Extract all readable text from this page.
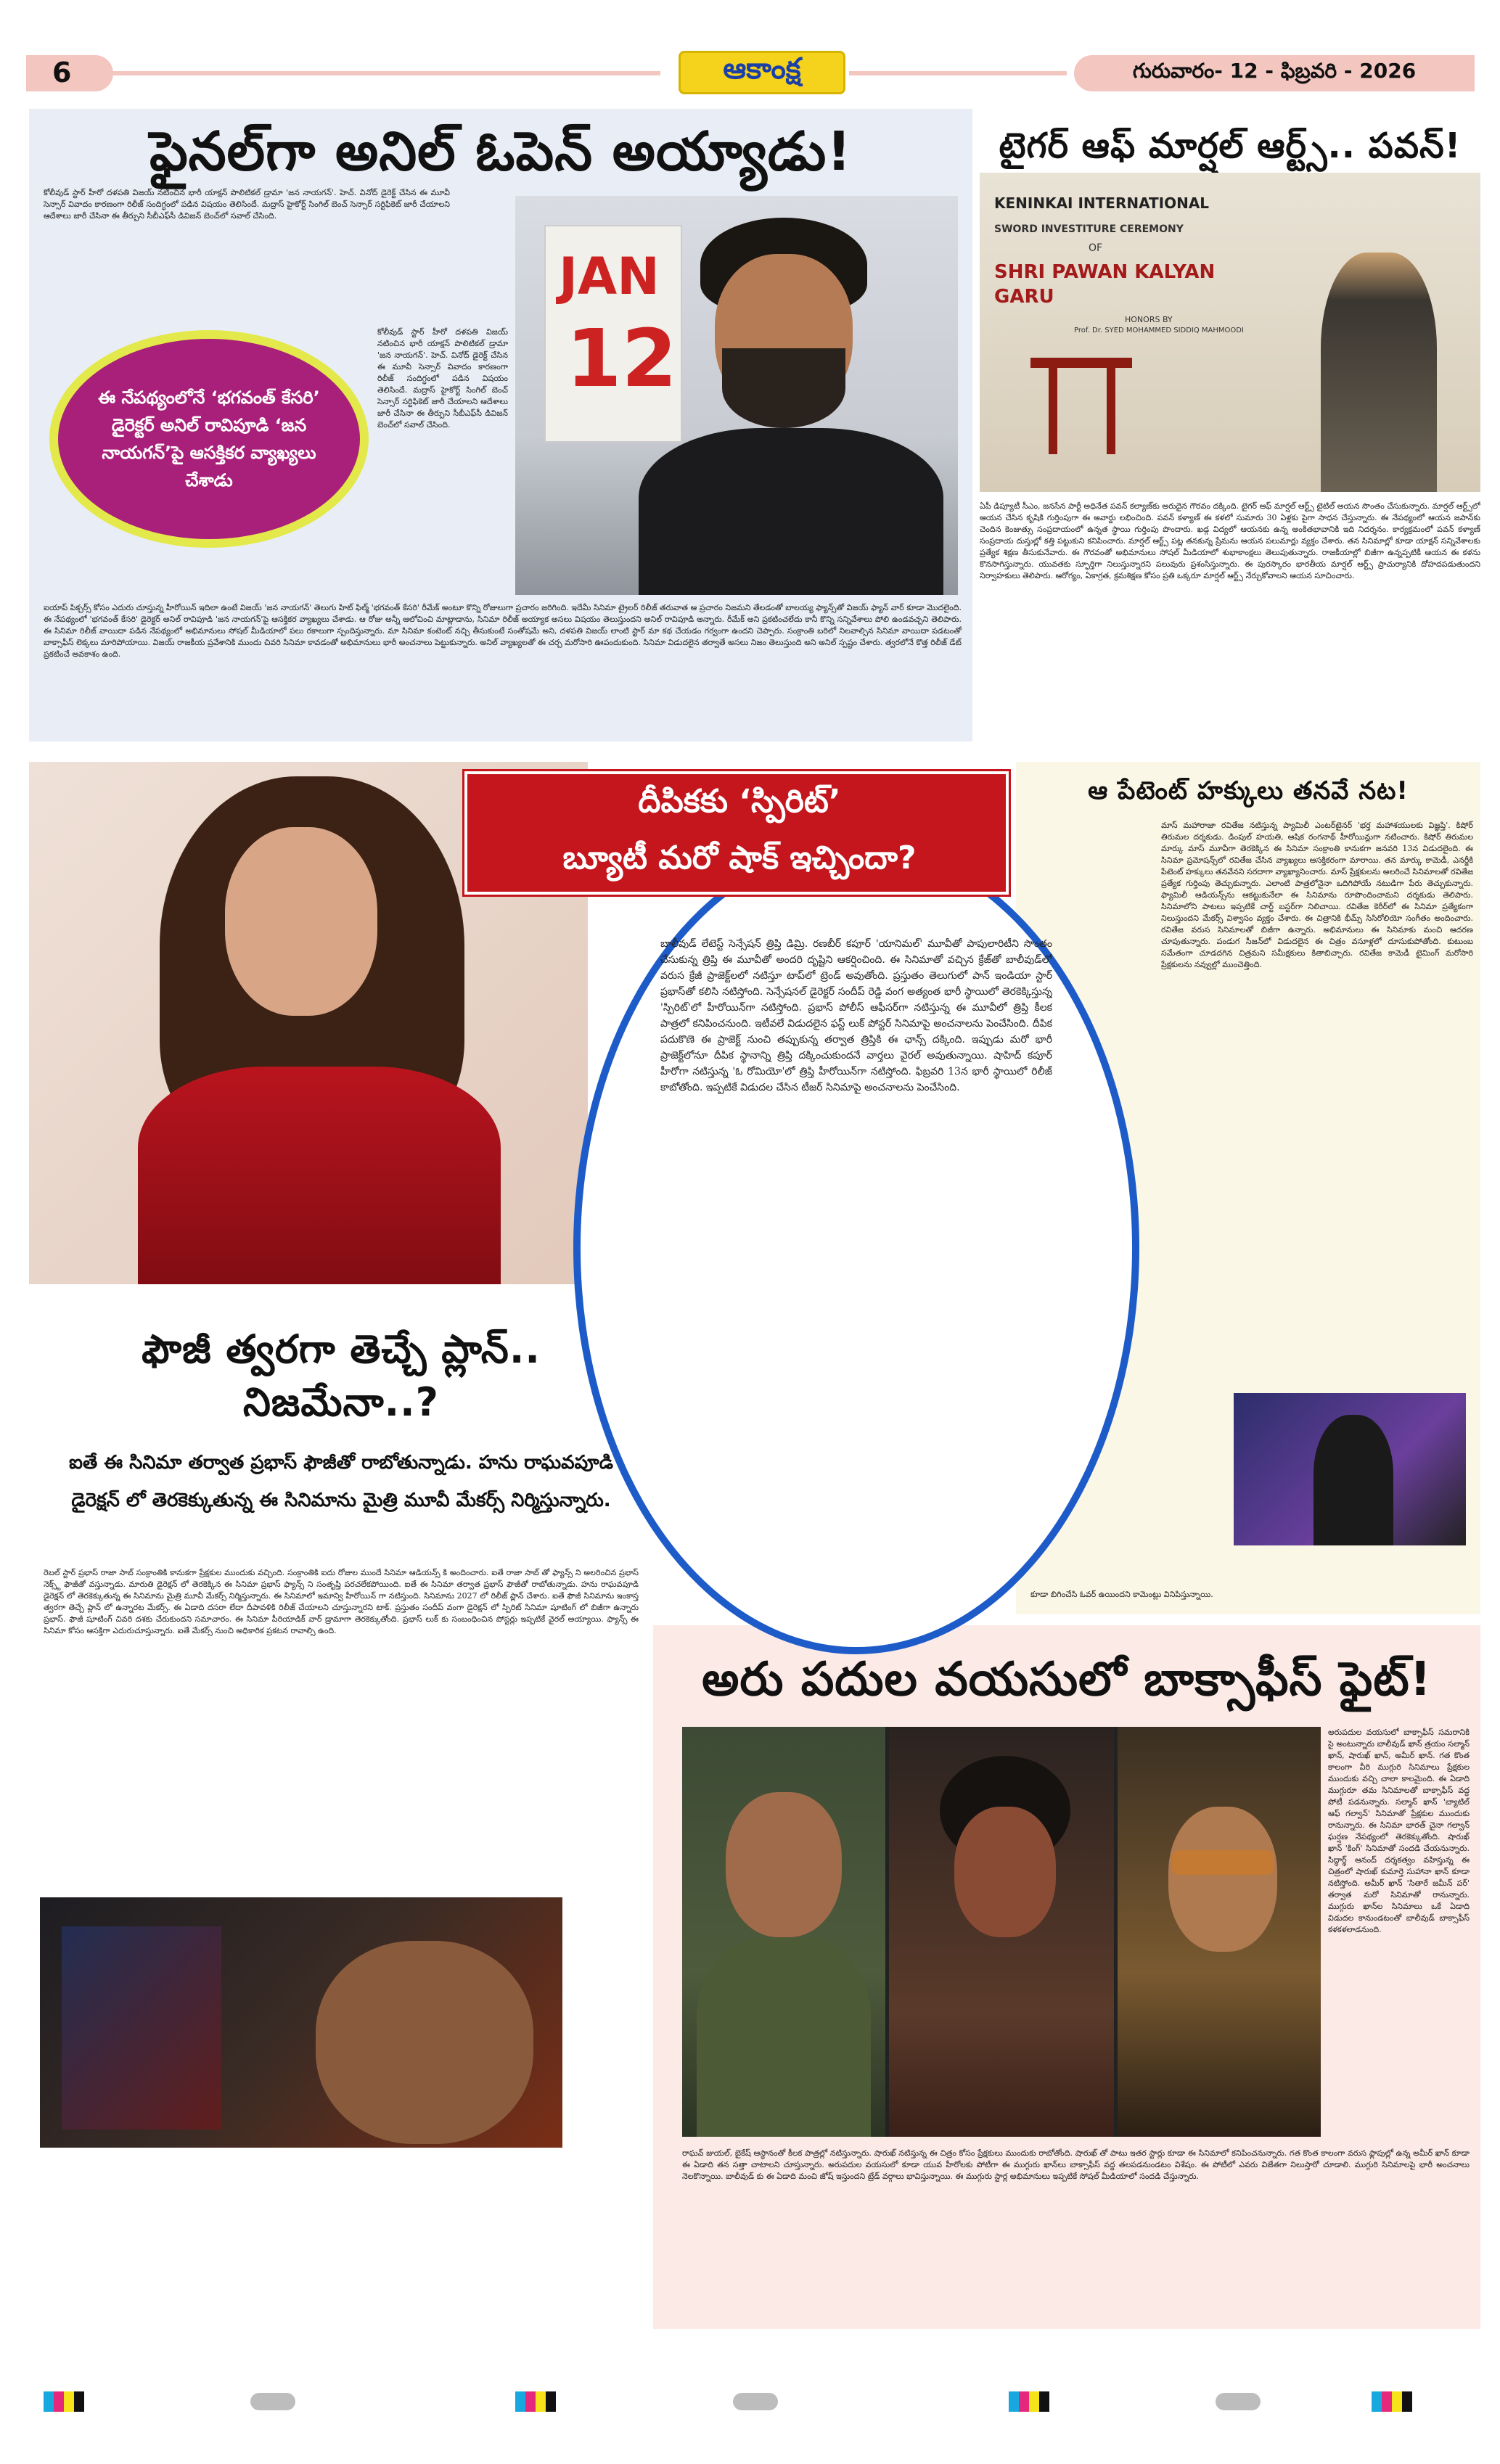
6	ఆకాంక్ష	గురువారం- 12 - ఫిబ్రవరి - 2026
ఫైనల్‌గా అనిల్ ఓపెన్ అయ్యాడు!
కోలీవుడ్ స్టార్ హీరో దళపతి విజయ్ నటించిన భారీ యాక్షన్ పొలిటికల్ డ్రామా 'జన నాయగన్'. హెచ్. వినోద్ డైరెక్ట్ చేసిన ఈ మూవీ సెన్సార్ వివాదం కారణంగా రిలీజ్ సందిగ్ధంలో పడిన విషయం తెలిసిందే. మద్రాస్ హైకోర్ట్ సింగిల్ బెంచ్ సెన్సార్ సర్టిఫికెట్ జారీ చేయాలని ఆదేశాలు జారీ చేసినా ఈ తీర్పుని సీబీఎఫ్‌సీ డివిజన్ బెంచ్‌లో సవాల్ చేసింది.
ఈ నేపథ్యంలోనే ‘భగవంత్ కేసరి’ డైరెక్టర్ అనిల్ రావిపూడి ‘జన నాయగన్’పై ఆసక్తికర వ్యాఖ్యలు చేశాడు
కోలీవుడ్ స్టార్ హీరో దళపతి విజయ్ నటించిన భారీ యాక్షన్ పొలిటికల్ డ్రామా 'జన నాయగన్'. హెచ్. వినోద్ డైరెక్ట్ చేసిన ఈ మూవీ సెన్సార్ వివాదం కారణంగా రిలీజ్ సందిగ్ధంలో పడిన విషయం తెలిసిందే. మద్రాస్ హైకోర్ట్ సింగిల్ బెంచ్ సెన్సార్ సర్టిఫికెట్ జారీ చేయాలని ఆదేశాలు జారీ చేసినా ఈ తీర్పుని సీబీఎఫ్‌సీ డివిజన్ బెంచ్‌లో సవాల్ చేసింది.
JAN
12
ఐయాప్ పిక్చర్స్ కోసం ఎదురు చూస్తున్న హీరోయిన్ ఇదిలా ఉంటే విజయ్ 'జన నాయగన్' తెలుగు హిట్ ఫిల్మ్ 'భగవంత్ కేసరి' రీమేక్ అంటూ కొన్ని రోజులుగా ప్రచారం జరిగింది. ఇదేమీ సినిమా ట్రైలర్ రిలీజ్ తరువాత ఆ ప్రచారం నిజమని తేలడంతో బాలయ్య ఫ్యాన్స్‌తో విజయ్ ఫ్యాన్ వార్ కూడా మొదలైంది. ఈ నేపథ్యంలో 'భగవంత్ కేసరి' డైరెక్టర్ అనిల్ రావిపూడి 'జన నాయగన్'పై ఆసక్తికర వ్యాఖ్యలు చేశాడు. ఆ రోజు అన్నీ ఆలోచించి మాట్లాడాను, సినిమా రిలీజ్ అయ్యాక అసలు విషయం తెలుస్తుందని అనిల్ రావిపూడి అన్నారు. రీమేక్ అని ప్రకటించలేదు కానీ కొన్ని సన్నివేశాలు పోలి ఉండవచ్చని తెలిపారు. ఈ సినిమా రిలీజ్ వాయిదా పడిన నేపథ్యంలో అభిమానులు సోషల్ మీడియాలో పలు రకాలుగా స్పందిస్తున్నారు. మా సినిమా కంటెంట్ నచ్చి తీసుకుంటే సంతోషమే అని, దళపతి విజయ్ లాంటి స్టార్ మా కథ చేయడం గర్వంగా ఉందని చెప్పారు. సంక్రాంతి బరిలో నిలవాల్సిన సినిమా వాయిదా పడటంతో బాక్సాఫీస్ లెక్కలు మారిపోయాయి. విజయ్ రాజకీయ ప్రవేశానికి ముందు చివరి సినిమా కావడంతో అభిమానులు భారీ అంచనాలు పెట్టుకున్నారు. అనిల్ వ్యాఖ్యలతో ఈ చర్చ మరోసారి ఊపందుకుంది. సినిమా విడుదలైన తర్వాతే అసలు నిజం తెలుస్తుంది అని అనిల్ స్పష్టం చేశారు. త్వరలోనే కొత్త రిలీజ్ డేట్ ప్రకటించే అవకాశం ఉంది.
టైగర్ ఆఫ్ మార్షల్ ఆర్ట్స్.. పవన్!
KENINKAI INTERNATIONAL
SWORD INVESTITURE CEREMONY
OF
SHRI PAWAN KALYAN GARU
HONORS BY
Prof. Dr. SYED MOHAMMED SIDDIQ MAHMOODI
ఏపీ డిప్యూటీ సీఎం, జనసేన పార్టీ అధినేత పవన్ కల్యాణ్‌కు అరుదైన గౌరవం దక్కింది. టైగర్ ఆఫ్ మార్షల్ ఆర్ట్స్ టైటిల్ అయన సొంతం చేసుకున్నారు. మార్షల్ ఆర్ట్స్‌లో ఆయన చేసిన కృషికి గుర్తింపుగా ఈ అవార్డు లభించింది. పవన్ కళ్యాణ్ ఈ కళలో సుమారు 30 ఏళ్లకు పైగా సాధన చేస్తున్నారు. ఈ నేపథ్యంలో ఆయన జపాన్‌కు చెందిన కెంజుత్సు సంప్రదాయంలో ఉన్నత స్థాయి గుర్తింపు పొందారు. ఖడ్గ విద్యలో ఆయనకు ఉన్న అంకితభావానికి ఇది నిదర్శనం. కార్యక్రమంలో పవన్ కళ్యాణ్ సంప్రదాయ దుస్తుల్లో కత్తి పట్టుకుని కనిపించారు. మార్షల్ ఆర్ట్స్ పట్ల తనకున్న ప్రేమను ఆయన పలుమార్లు వ్యక్తం చేశారు. తన సినిమాల్లో కూడా యాక్షన్ సన్నివేశాలకు ప్రత్యేక శిక్షణ తీసుకునేవారు. ఈ గౌరవంతో అభిమానులు సోషల్ మీడియాలో శుభాకాంక్షలు తెలుపుతున్నారు. రాజకీయాల్లో బిజీగా ఉన్నప్పటికీ ఆయన ఈ కళను కొనసాగిస్తున్నారు. యువతకు స్ఫూర్తిగా నిలుస్తున్నారని పలువురు ప్రశంసిస్తున్నారు. ఈ పురస్కారం భారతీయ మార్షల్ ఆర్ట్స్ ప్రాచుర్యానికి దోహదపడుతుందని నిర్వాహకులు తెలిపారు. ఆరోగ్యం, ఏకాగ్రత, క్రమశిక్షణ కోసం ప్రతి ఒక్కరూ మార్షల్ ఆర్ట్స్ నేర్చుకోవాలని ఆయన సూచించారు.
దీపికకు ‘స్పిరిట్’
బ్యూటీ మరో షాక్ ఇచ్చిందా?
బాలీవుడ్ లేటెస్ట్ సెన్సేషన్ త్రిప్తి డిమ్రి. రణబీర్ కపూర్ 'యానిమల్' మూవీతో పాపులారిటీని సొంతం చేసుకున్న త్రిప్తి ఈ మూవీతో అందరి దృష్టిని ఆకర్షించింది. ఈ సినిమాతో వచ్చిన క్రేజ్‌తో బాలీవుడ్‌లో వరుస క్రేజీ ప్రాజెక్ట్‌లలో నటిస్తూ టాప్‌లో ట్రెండ్ అవుతోంది. ప్రస్తుతం తెలుగులో పాన్ ఇండియా స్టార్ ప్రభాస్‌తో కలిసి నటిస్తోంది. సెన్సేషనల్ డైరెక్టర్ సందీప్ రెడ్డి వంగ అత్యంత భారీ స్థాయిలో తెరకెక్కిస్తున్న 'స్పిరిట్'లో హీరోయిన్‌గా నటిస్తోంది. ప్రభాస్ పోలీస్ ఆఫీసర్‌గా నటిస్తున్న ఈ మూవీలో త్రిప్తి కీలక పాత్రలో కనిపించనుంది. ఇటీవలే విడుదలైన ఫస్ట్ లుక్ పోస్టర్ సినిమాపై అంచనాలను పెంచేసింది. దీపిక పదుకొణె ఈ ప్రాజెక్ట్ నుంచి తప్పుకున్న తర్వాత త్రిప్తికి ఈ ఛాన్స్ దక్కింది. ఇప్పుడు మరో భారీ ప్రాజెక్ట్‌లోనూ దీపిక స్థానాన్ని త్రిప్తి దక్కించుకుందనే వార్తలు వైరల్ అవుతున్నాయి. షాహిద్ కపూర్ హీరోగా నటిస్తున్న 'ఓ రోమియో'లో త్రిప్తి హీరోయిన్‌గా నటిస్తోంది. ఫిబ్రవరి 13న భారీ స్థాయిలో రిలీజ్ కాబోతోంది. ఇప్పటికే విడుదల చేసిన టీజర్ సినిమాపై అంచనాలను పెంచేసింది.
ఆ పేటెంట్ హక్కులు తనవే నట!
మాస్ మహారాజా రవితేజ నటిస్తున్న ప్యామిలీ ఎంటర్‌టైనర్ 'భర్త మహాశయులకు విజ్ఞప్తి'. కిషోర్ తిరుమల దర్శకుడు. డింపుల్ హయతి, ఆషిక రంగనాథ్ హీరోయిన్లుగా నటించారు. కిషోర్ తిరుమల మార్కు మాస్ మూవీగా తెరకెక్కిన ఈ సినిమా సంక్రాంతి కానుకగా జనవరి 13న విడుదలైంది. ఈ సినిమా ప్రమోషన్స్‌లో రవితేజ చేసిన వ్యాఖ్యలు ఆసక్తికరంగా మారాయి. తన మార్కు కామెడీ, ఎనర్జీకి పేటెంట్ హక్కులు తనవేనని సరదాగా వ్యాఖ్యానించారు. మాస్ ప్రేక్షకులను అలరించే సినిమాలతో రవితేజ ప్రత్యేక గుర్తింపు తెచ్చుకున్నారు. ఎలాంటి పాత్రలోనైనా ఒదిగిపోయే నటుడిగా పేరు తెచ్చుకున్నారు. ఫ్యామిలీ ఆడియన్స్‌ను ఆకట్టుకునేలా ఈ సినిమాను రూపొందించామని దర్శకుడు తెలిపారు. సినిమాలోని పాటలు ఇప్పటికే చార్ట్ బస్టర్‌గా నిలిచాయి. రవితేజ కెరీర్‌లో ఈ సినిమా ప్రత్యేకంగా నిలుస్తుందని మేకర్స్ విశ్వాసం వ్యక్తం చేశారు. ఈ చిత్రానికి భీమ్స్ సిసిరోలియో సంగీతం అందించారు. రవితేజ వరుస సినిమాలతో బిజీగా ఉన్నారు. అభిమానులు ఈ సినిమాకు మంచి ఆదరణ చూపుతున్నారు. పండుగ సీజన్‌లో విడుదలైన ఈ చిత్రం వసూళ్లలో దూసుకుపోతోంది. కుటుంబ సమేతంగా చూడదగిన చిత్రమని సమీక్షకులు కితాబిచ్చారు. రవితేజ కామెడీ టైమింగ్ మరోసారి ప్రేక్షకులను నవ్వుల్లో ముంచెత్తింది.
కూడా బిగించేసి ఓవర్ ఉయిందని కామెంట్లు వినిపిస్తున్నాయి.
ఫౌజీ త్వరగా తెచ్చే ప్లాన్..
నిజమేనా..?
ఐతే ఈ సినిమా తర్వాత ప్రభాస్ ఫౌజీతో రాబోతున్నాడు. హను రాఘవపూడి డైరెక్షన్ లో తెరకెక్కుతున్న ఈ సినిమాను మైత్రి మూవీ మేకర్స్ నిర్మిస్తున్నారు.
రెబల్ స్టార్ ప్రభాస్ రాజా సాబ్ సంక్రాంతికి కానుకగా ప్రేక్షకుల ముందుకు వచ్చింది. సంక్రాంతికి ఐదు రోజుల ముందే సినిమా ఆడియన్స్ కి అందించారు. ఐతే రాజా సాబ్ తో ఫ్యాన్స్ ని అలరించిన ప్రభాస్ నెక్స్ట్ ఫౌజీతో వస్తున్నాడు. మారుతి డైరెక్షన్ లో తెరకెక్కిన ఈ సినిమా ప్రభాస్ ఫ్యాన్స్ ని సంతృప్తి పరచలేకపోయింది. ఐతే ఈ సినిమా తర్వాత ప్రభాస్ ఫౌజీతో రాబోతున్నాడు. హను రాఘవపూడి డైరెక్షన్ లో తెరకెక్కుతున్న ఈ సినిమాను మైత్రి మూవీ మేకర్స్ నిర్మిస్తున్నారు. ఈ సినిమాలో ఇమాన్వి హీరోయిన్ గా నటిస్తుంది. సినిమాను 2027 లో రిలీజ్ ప్లాన్ చేశారు. ఐతే ఫౌజీ సినిమాను ఇంకాస్త త్వరగా తెచ్చే ప్లాన్ లో ఉన్నారట మేకర్స్. ఈ ఏడాది దసరా లేదా దీపావళికి రిలీజ్ చేయాలని చూస్తున్నారని టాక్. ప్రస్తుతం సందీప్ వంగా డైరెక్షన్ లో స్పిరిట్ సినిమా షూటింగ్ లో బిజీగా ఉన్నారు ప్రభాస్. ఫౌజీ షూటింగ్ చివరి దశకు చేరుకుందని సమాచారం. ఈ సినిమా పీరియాడిక్ వార్ డ్రామాగా తెరకెక్కుతోంది. ప్రభాస్ లుక్ కు సంబంధించిన పోస్టర్లు ఇప్పటికే వైరల్ అయ్యాయి. ఫ్యాన్స్ ఈ సినిమా కోసం ఆసక్తిగా ఎదురుచూస్తున్నారు. ఐతే మేకర్స్ నుంచి అధికారిక ప్రకటన రావాల్సి ఉంది.
అరు పదుల వయసులో బాక్సాఫీస్ ఫైట్!
అరుపదుల వయసులో బాక్సాఫీస్ సమరానికి సై అంటున్నారు బాలీవుడ్ ఖాన్ త్రయం సల్మాన్ ఖాన్, షారుఖ్ ఖాన్, అమీర్ ఖాన్. గత కొంత కాలంగా వీరి ముగ్గురి సినిమాలు ప్రేక్షకుల ముందుకు వచ్చి చాలా కాలమైంది. ఈ ఏడాది ముగ్గురూ తమ సినిమాలతో బాక్సాఫీస్ వద్ద పోటీ పడనున్నారు. సల్మాన్ ఖాన్ 'బ్యాటిల్ ఆఫ్ గల్వాన్' సినిమాతో ప్రేక్షకుల ముందుకు రానున్నారు. ఈ సినిమా భారత్ చైనా గల్వాన్ ఘర్షణ నేపథ్యంలో తెరకెక్కుతోంది. షారుఖ్ ఖాన్ 'కింగ్' సినిమాతో సందడి చేయనున్నారు. సిద్ధార్థ్ ఆనంద్ దర్శకత్వం వహిస్తున్న ఈ చిత్రంలో షారుఖ్ కుమార్తె సుహానా ఖాన్ కూడా నటిస్తోంది. అమీర్ ఖాన్ 'సితారే జమీన్ పర్' తర్వాత మరో సినిమాతో రానున్నారు. ముగ్గురు ఖాన్‌ల సినిమాలు ఒకే ఏడాది విడుదల కానుండటంతో బాలీవుడ్ బాక్సాఫీస్ కళకళలాడనుంది.
రాఘవ్ జుయల్, బైకేష్ ఆస్థానంతో కీలక పాత్రల్లో నటిస్తున్నారు. షారుఖ్ నటిస్తున్న ఈ చిత్రం కోసం ప్రేక్షకులు ముందుకు రాబోతోంది. షారుఖ్ తో పాటు ఇతర స్టార్లు కూడా ఈ సినిమాలో కనిపించనున్నారు. గత కొంత కాలంగా వరుస ఫ్లాపుల్లో ఉన్న అమీర్ ఖాన్ కూడా ఈ ఏడాది తన సత్తా చాటాలని చూస్తున్నారు. అరుపదుల వయసులో కూడా యువ హీరోలకు పోటీగా ఈ ముగ్గురు ఖాన్‌లు బాక్సాఫీస్ వద్ద తలపడనుండటం విశేషం. ఈ పోటీలో ఎవరు విజేతగా నిలుస్తారో చూడాలి. ముగ్గురి సినిమాలపై భారీ అంచనాలు నెలకొన్నాయి. బాలీవుడ్ కు ఈ ఏడాది మంచి జోష్ ఇస్తుందని ట్రేడ్ వర్గాలు భావిస్తున్నాయి. ఈ ముగ్గురు స్టార్ల అభిమానులు ఇప్పటికే సోషల్ మీడియాలో సందడి చేస్తున్నారు.
